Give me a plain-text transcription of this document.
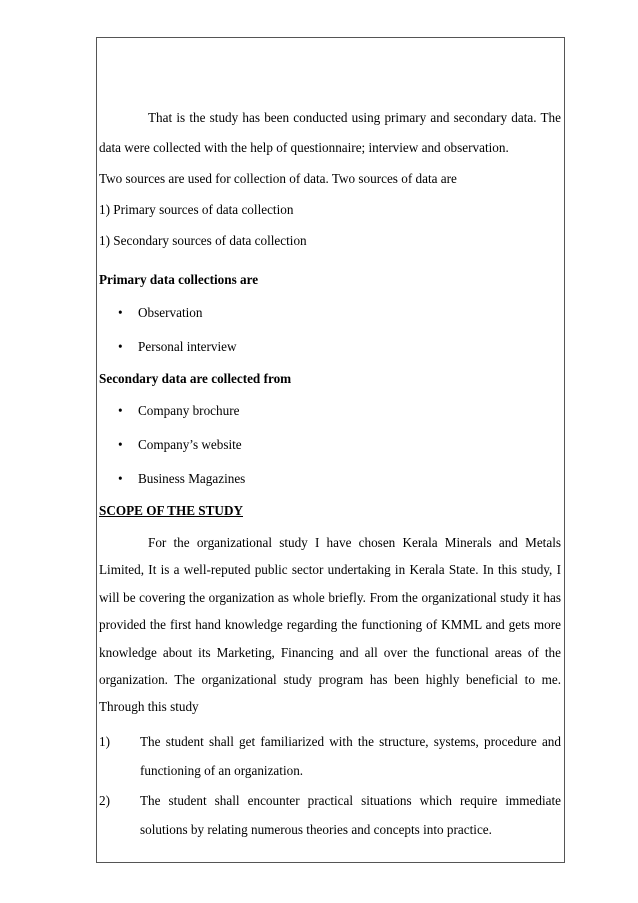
That is the study has been conducted using primary and secondary data. The data were collected with the help of questionnaire; interview and observation.

Two sources are used for collection of data. Two sources of data are

1) Primary sources of data collection

1) Secondary sources of data collection

Primary data collections are

• Observation
• Personal interview

Secondary data are collected from

• Company brochure
• Company’s website
• Business Magazines

SCOPE OF THE STUDY

For the organizational study I have chosen Kerala Minerals and Metals Limited, It is a well-reputed public sector undertaking in Kerala State. In this study, I will be covering the organization as whole briefly. From the organizational study it has provided the first hand knowledge regarding the functioning of KMML and gets more knowledge about its Marketing, Financing and all over the functional areas of the organization. The organizational study program has been highly beneficial to me. Through this study

1) The student shall get familiarized with the structure, systems, procedure and functioning of an organization.
2) The student shall encounter practical situations which require immediate solutions by relating numerous theories and concepts into practice.
